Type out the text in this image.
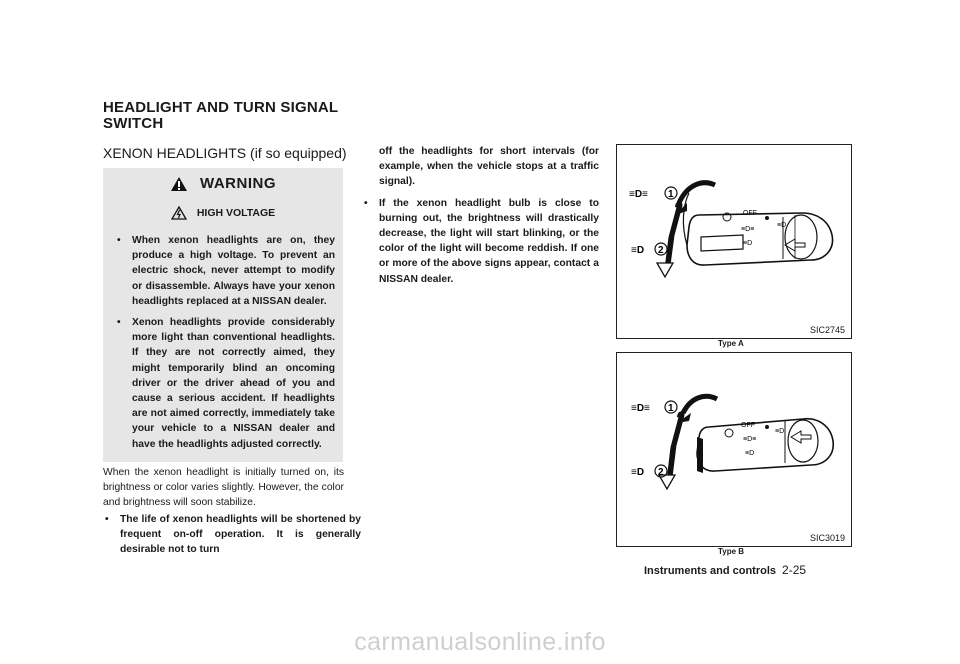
HEADLIGHT AND TURN SIGNAL SWITCH
XENON HEADLIGHTS (if so equipped)
WARNING
HIGH VOLTAGE
• When xenon headlights are on, they produce a high voltage. To prevent an electric shock, never attempt to modify or disassemble. Always have your xenon headlights replaced at a NISSAN dealer.
• Xenon headlights provide considerably more light than conventional headlights. If they are not correctly aimed, they might temporarily blind an oncoming driver or the driver ahead of you and cause a serious accident. If headlights are not aimed correctly, immediately take your vehicle to a NISSAN dealer and have the headlights adjusted correctly.
When the xenon headlight is initially turned on, its brightness or color varies slightly. However, the color and brightness will soon stabilize.
• The life of xenon headlights will be shortened by frequent on-off operation. It is generally desirable not to turn
off the headlights for short intervals (for example, when the vehicle stops at a traffic signal).
• If the xenon headlight bulb is close to burning out, the brightness will drastically decrease, the light will start blinking, or the color of the light will become reddish. If one or more of the above signs appear, contact a NISSAN dealer.
OFF
≡D≡
≡D
≡D
≡D≡ 1
≡D 2
SIC2745
Type A
OFF
≡D≡
≡D
≡D
≡D≡ 1
≡D 2
SIC3019
Type B
Instruments and controls 2-25
carmanualsonline.info
